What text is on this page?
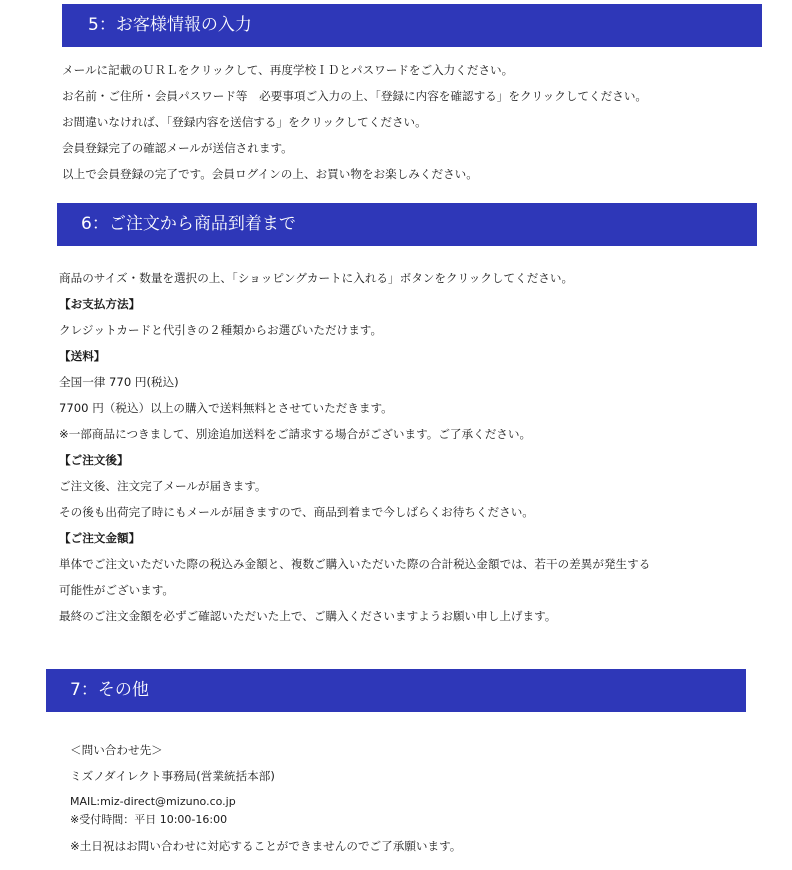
5：お客様情報の入力
メールに記載のＵＲＬをクリックして、再度学校ＩＤとパスワードをご入力ください。
お名前・ご住所・会員パスワード等　必要事項ご入力の上、「登録に内容を確認する」をクリックしてください。
お間違いなければ、「登録内容を送信する」をクリックしてください。
会員登録完了の確認メールが送信されます。
以上で会員登録の完了です。会員ログインの上、お買い物をお楽しみください。
6：ご注文から商品到着まで
商品のサイズ・数量を選択の上、「ショッピングカートに入れる」ボタンをクリックしてください。
【お支払方法】
クレジットカードと代引きの２種類からお選びいただけます。
【送料】
全国一律 770 円(税込)
7700 円（税込）以上の購入で送料無料とさせていただきます。
※一部商品につきまして、別途追加送料をご請求する場合がございます。ご了承ください。
【ご注文後】
ご注文後、注文完了メールが届きます。
その後も出荷完了時にもメールが届きますので、商品到着まで今しばらくお待ちください。
【ご注文金額】
単体でご注文いただいた際の税込み金額と、複数ご購入いただいた際の合計税込金額では、若干の差異が発生する
可能性がございます。
最終のご注文金額を必ずご確認いただいた上で、ご購入くださいますようお願い申し上げます。
7：その他
＜問い合わせ先＞
ミズノダイレクト事務局(営業統括本部)
MAIL:miz-direct@mizuno.co.jp
※受付時間：平日 10:00-16:00
※土日祝はお問い合わせに対応することができませんのでご了承願います。
